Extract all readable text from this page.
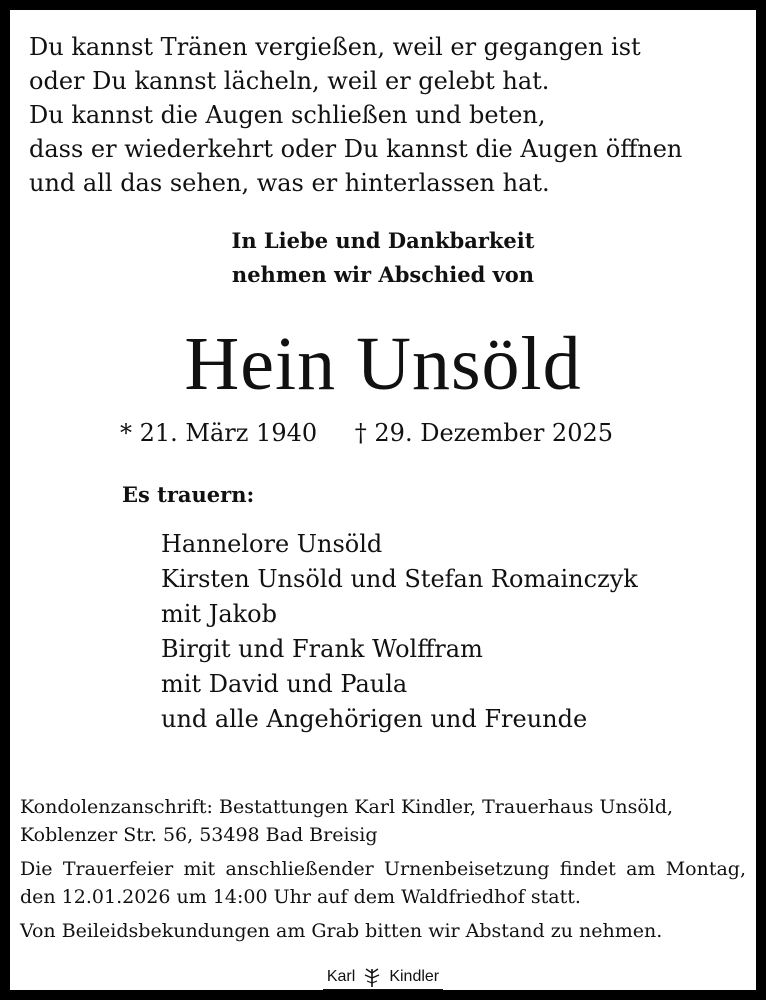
Du kannst Tränen vergießen, weil er gegangen ist
oder Du kannst lächeln, weil er gelebt hat.
Du kannst die Augen schließen und beten,
dass er wiederkehrt oder Du kannst die Augen öffnen
und all das sehen, was er hinterlassen hat.
In Liebe und Dankbarkeit
nehmen wir Abschied von
Hein Unsöld
* 21. März 1940 † 29. Dezember 2025
Es trauern:
Hannelore Unsöld
Kirsten Unsöld und Stefan Romainczyk
mit Jakob
Birgit und Frank Wolffram
mit David und Paula
und alle Angehörigen und Freunde

Kondolenzanschrift: Bestattungen Karl Kindler, Trauerhaus Unsöld, Koblenzer Str. 56, 53498 Bad Breisig

Die Trauerfeier mit anschließender Urnenbeisetzung findet am Montag, den 12.01.2026 um 14:00 Uhr auf dem Waldfriedhof statt.

Von Beileidsbekundungen am Grab bitten wir Abstand zu nehmen.

Karl Kindler
